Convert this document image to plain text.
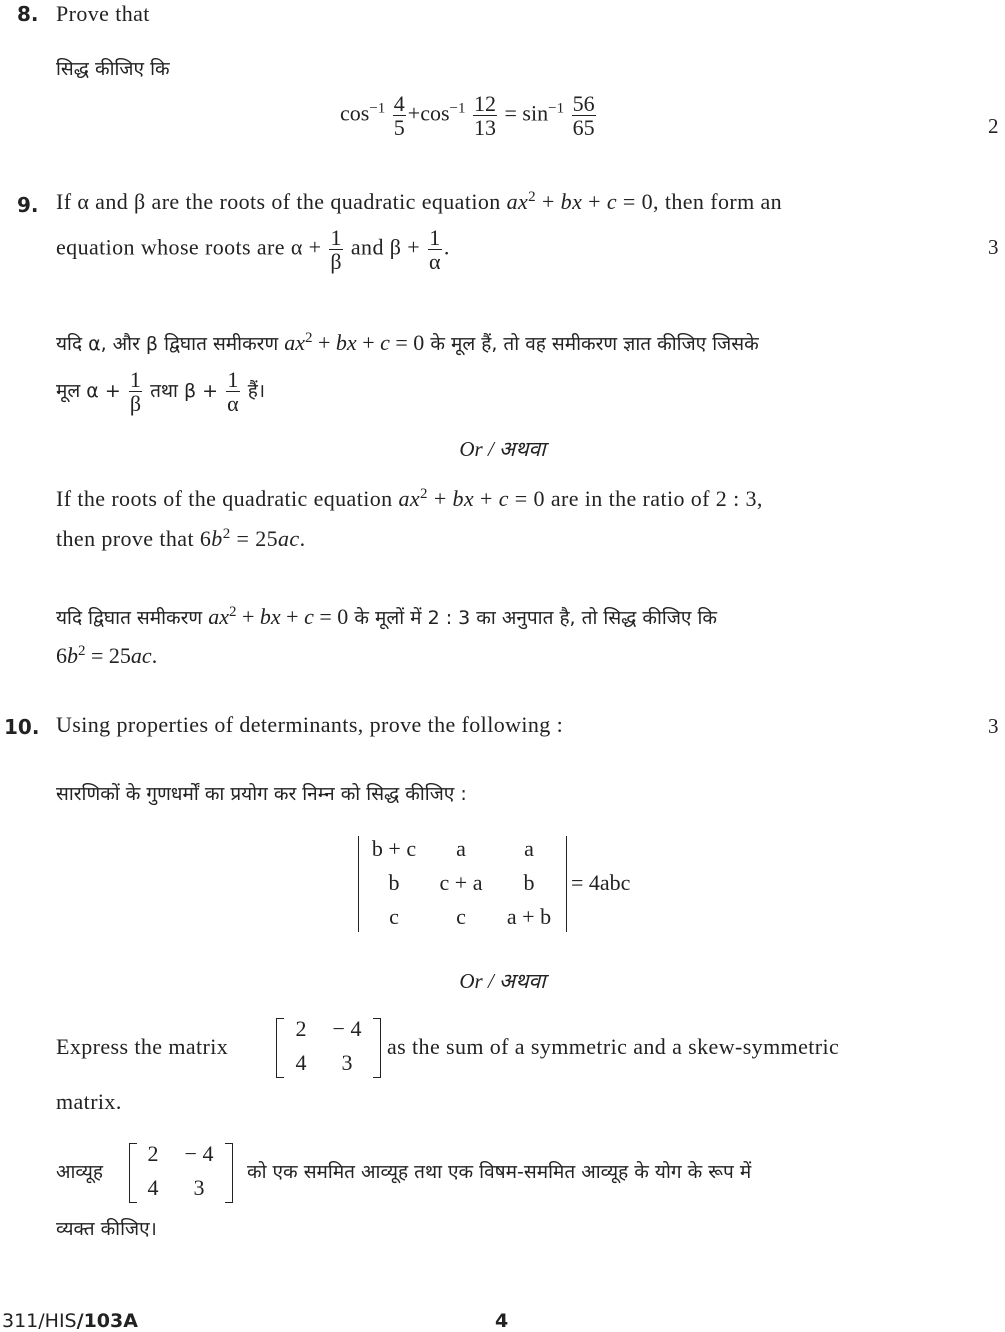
8. Prove that
सिद्ध कीजिए कि
$\cos^{-1} \frac{4}{5} +\cos^{-1} \frac{12}{13} = \sin^{-1} \frac{56}{65}$	2
9. If α and β are the roots of the quadratic equation $ax^2$ + bx + c = 0, then form an
equation whose roots are $\alpha + \frac{1}{\beta}$ and $\beta + \frac{1}{\alpha}$ .	3
यदि α, और β द्विघात समीकरण $ax^2$ + bx + c = 0 के मूल हैं, तो वह समीकरण ज्ञात कीजिए जिसके
मूल $\alpha + \frac{1}{\beta}$ तथा $\beta + \frac{1}{\alpha}$ हैं।
Or / अथवा
If the roots of the quadratic equation $ax^2$ + bx + c = 0 are in the ratio of 2 : 3,
then prove that $6b^2 = 25ac$.
यदि द्विघात समीकरण $ax^2$ + bx + c = 0 के मूलों में 2 : 3 का अनुपात है, तो सिद्ध कीजिए कि
$6b^2 = 25ac$.
10. Using properties of determinants, prove the following :	3
सारणिकों के गुणधर्मों का प्रयोग कर निम्न को सिद्ध कीजिए :
b + c	a	a
b	c + a	b
c	c	a + b
= 4abc
Or / अथवा
Express the matrix
2	− 4
4	3
as the sum of a symmetric and a skew-symmetric
matrix.
आव्यूह
2	− 4
4	3
को एक सममित आव्यूह तथा एक विषम-सममित आव्यूह के योग के रूप में
व्यक्त कीजिए।
311/HIS/103A	4
